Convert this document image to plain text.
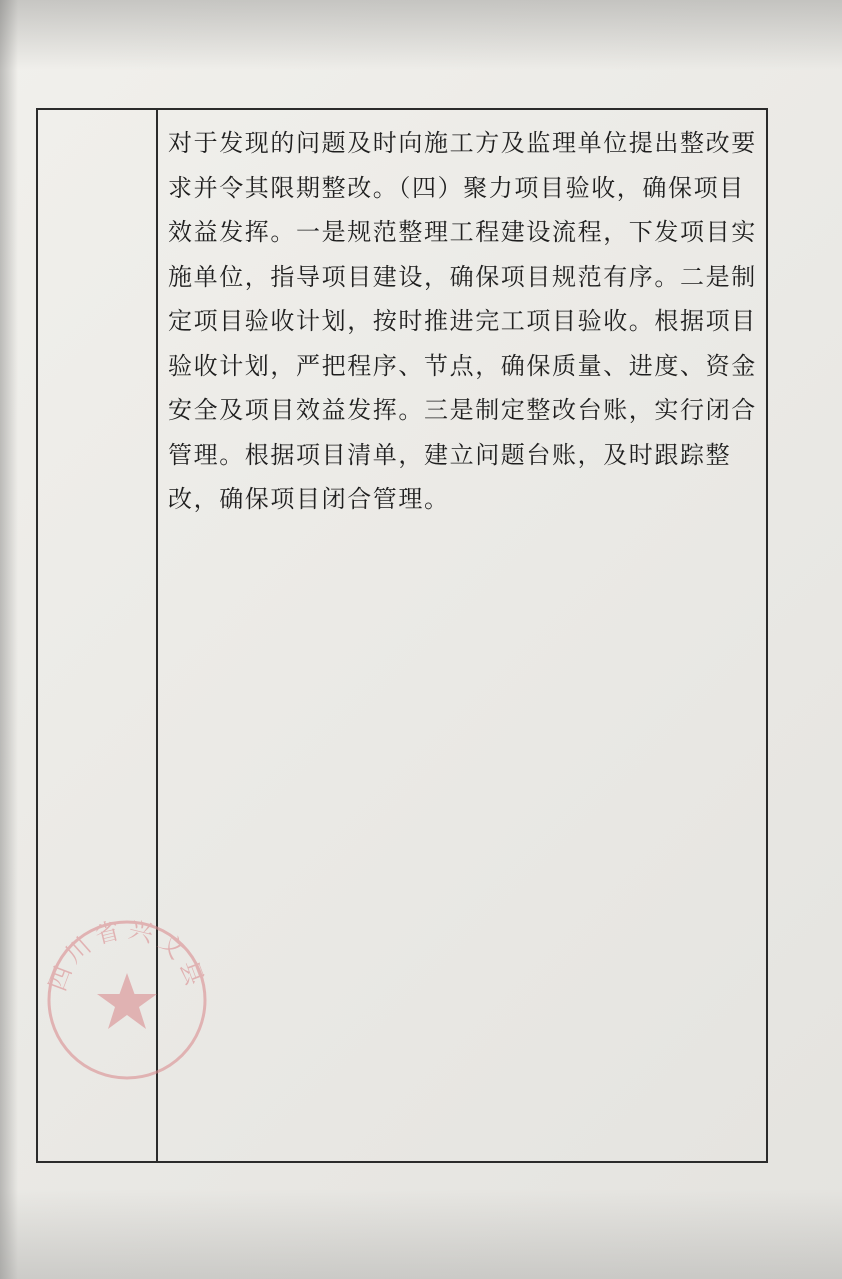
对于发现的问题及时向施工方及监理单位提出整改要求并令其限期整改。（四）聚力项目验收，确保项目效益发挥。一是规范整理工程建设流程，下发项目实施单位，指导项目建设，确保项目规范有序。二是制定项目验收计划，按时推进完工项目验收。根据项目验收计划，严把程序、节点，确保质量、进度、资金安全及项目效益发挥。三是制定整改台账，实行闭合管理。根据项目清单，建立问题台账，及时跟踪整改，确保项目闭合管理。
四川省兴文县
